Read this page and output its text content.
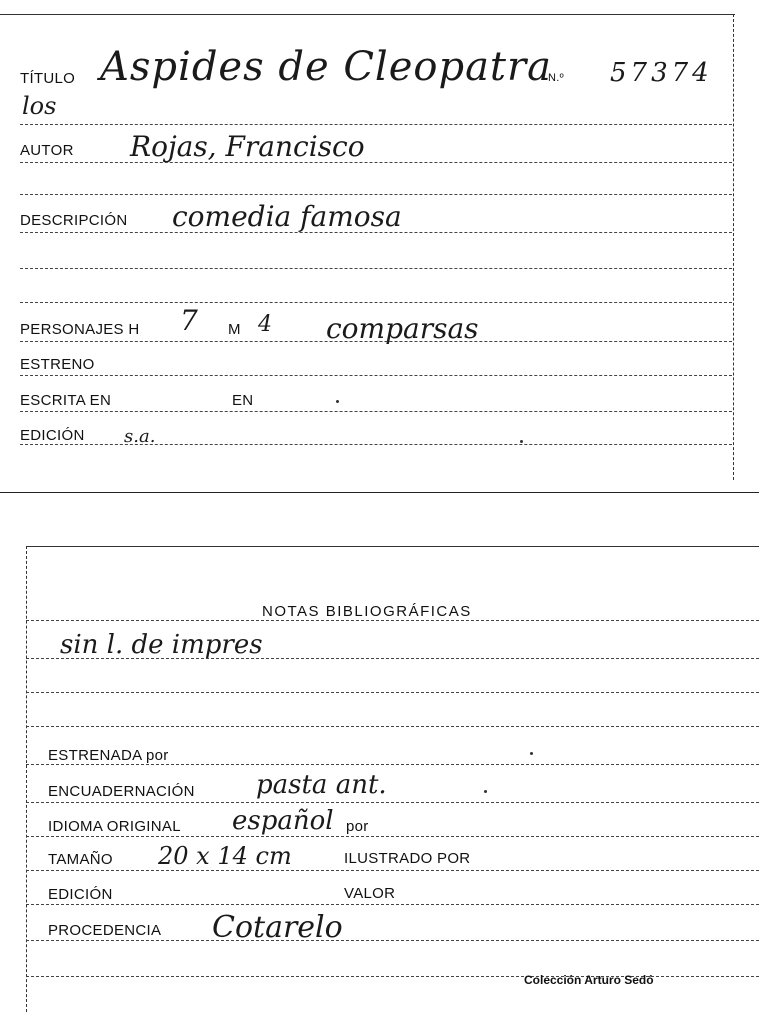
TÍTULO Aspides de Cleopatra
N.º 57374
los
AUTOR Rojas, Francisco
DESCRIPCIÓN comedia famosa
PERSONAJES H 7 M 4 comparsas
ESTRENO
ESCRITA EN	EN
EDICIÓN s.a.
NOTAS BIBLIOGRÁFICAS
sin l. de impres
ESTRENADA por
ENCUADERNACIÓN pasta ant.
IDIOMA ORIGINAL español por
TAMAÑO 20 x 14 cm	ILUSTRADO POR
EDICIÓN	VALOR
PROCEDENCIA Cotarelo
Colección Arturo Sedó
